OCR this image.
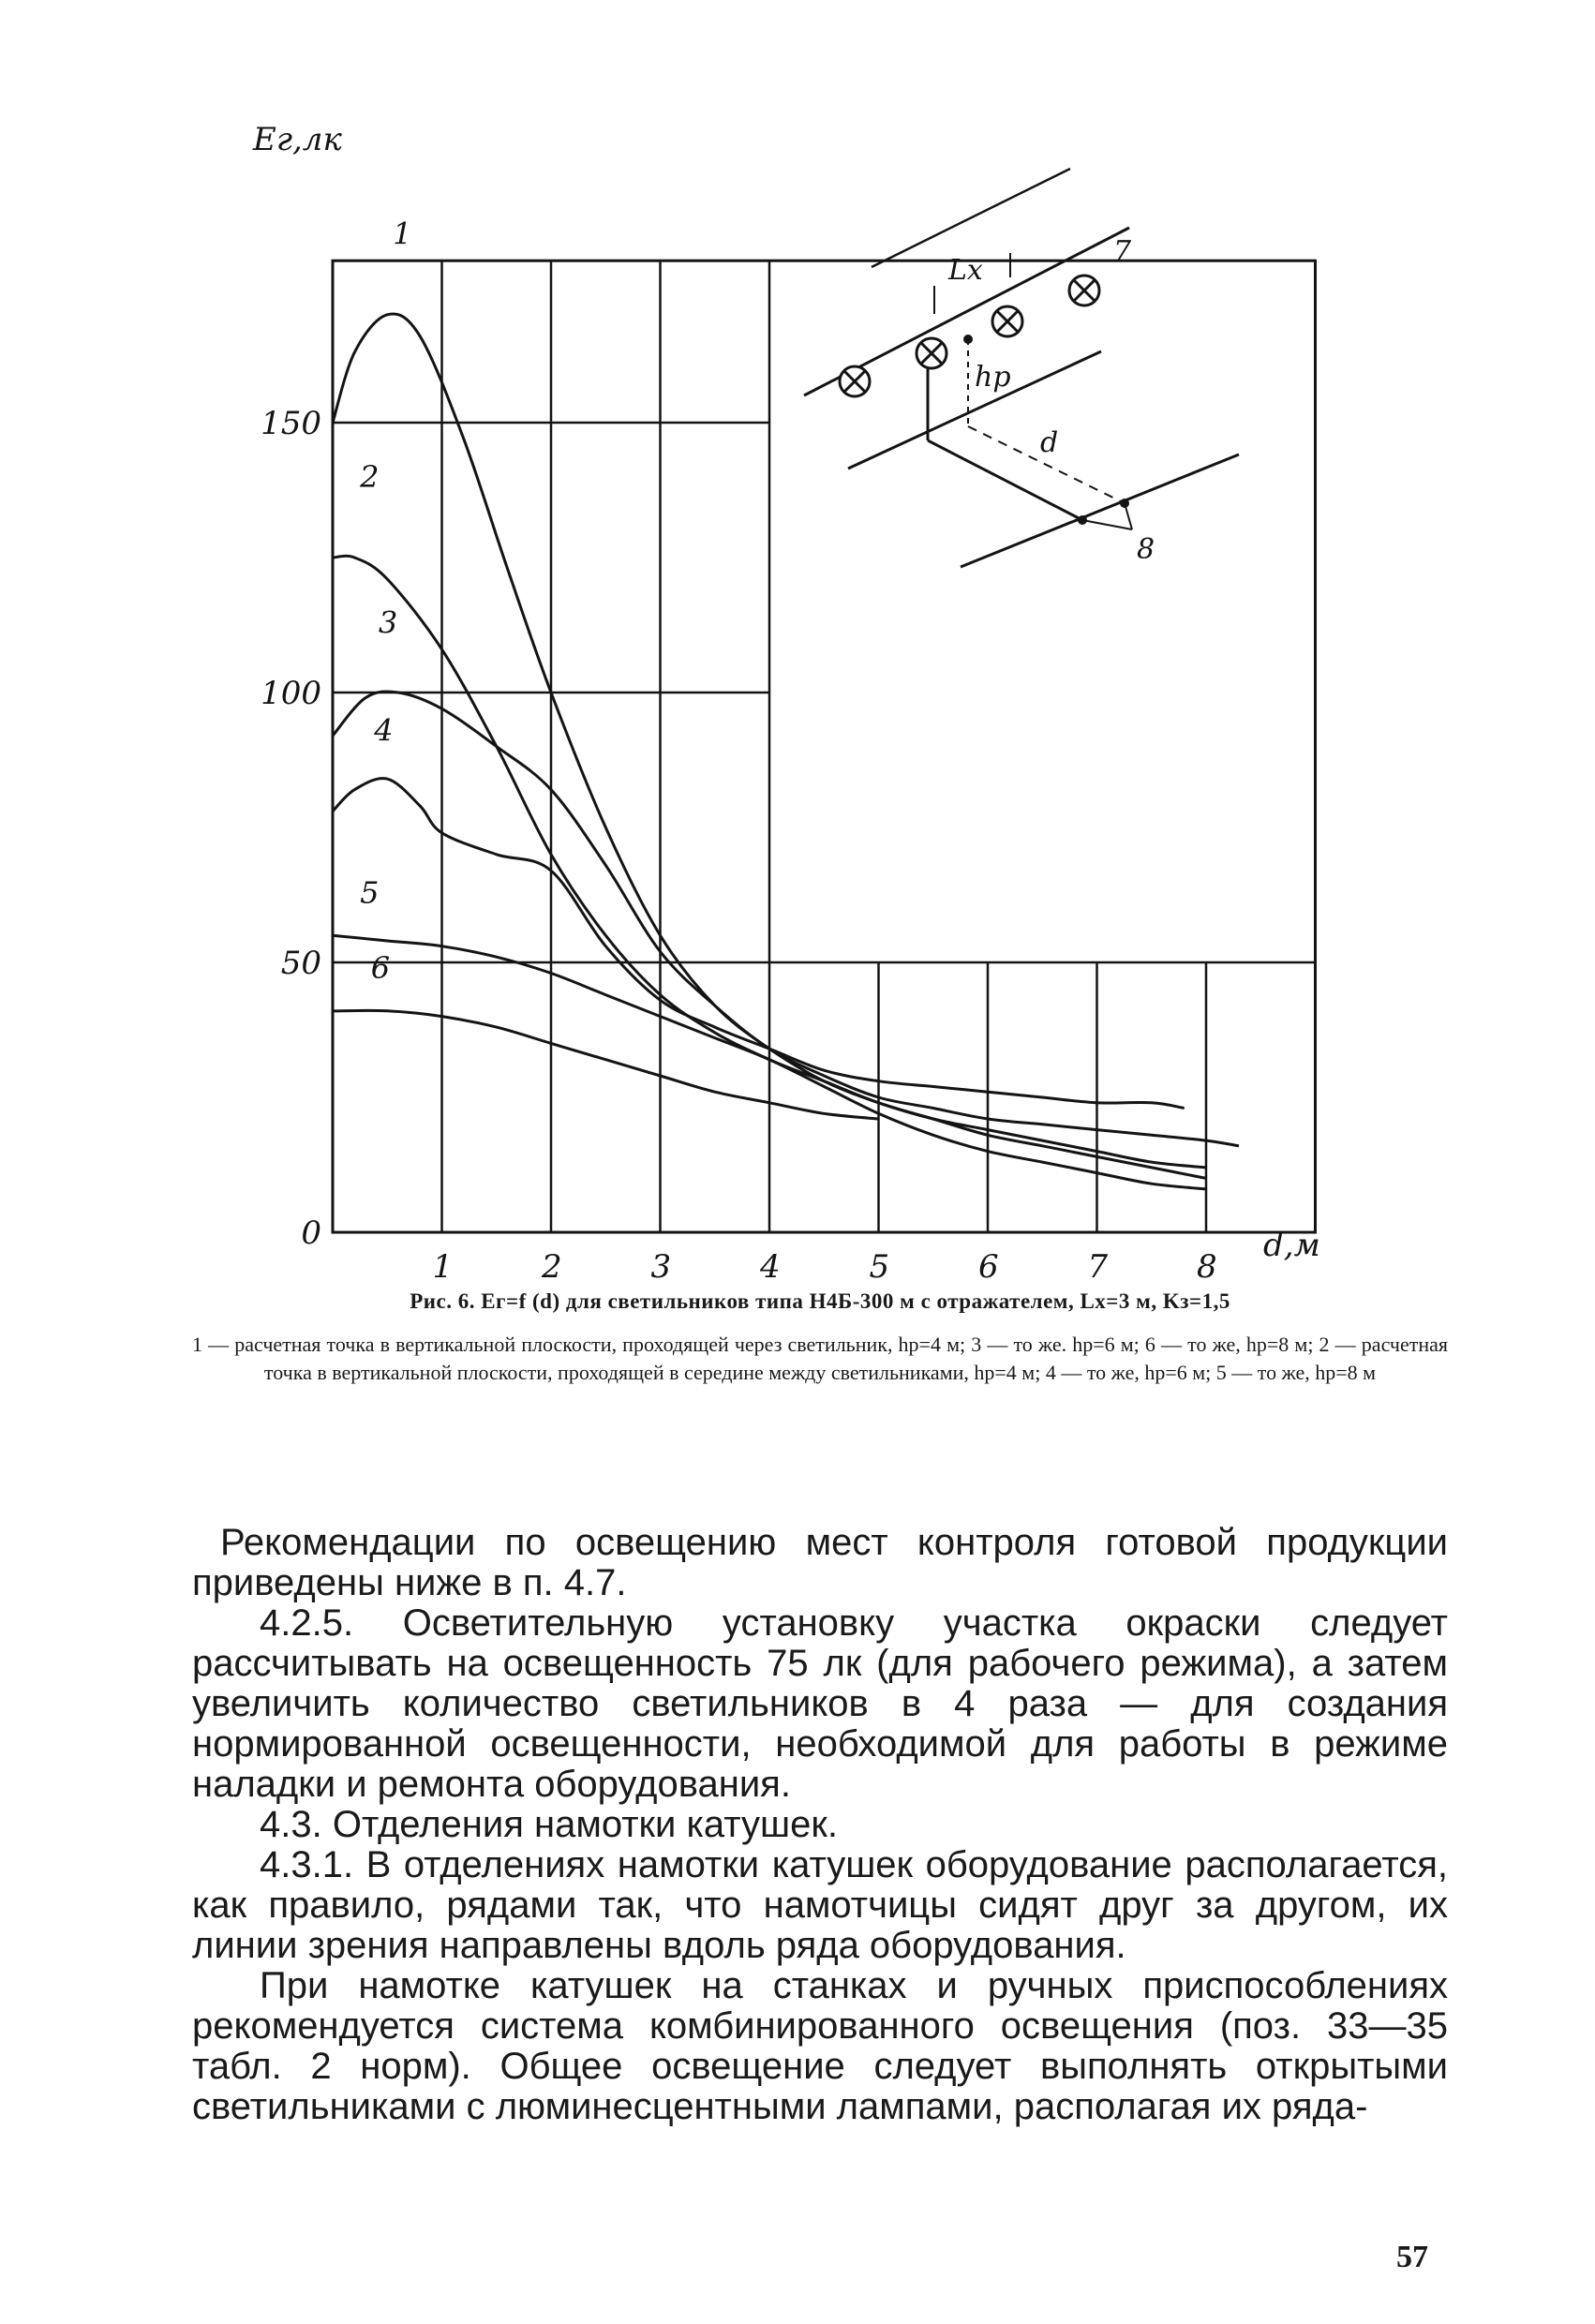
1
2
3
4
5
6
Lx
hp
d
8
7
Eг,лк
d,м
1	2	3	4	5	6	7	8
0
50
100
150
Рис. 6. Eг=f (d) для светильников типа Н4Б-300 м с отражателем, Lx=3 м, Kз=1,5
1 — расчетная точка в вертикальной плоскости, проходящей через светильник, hр=4 м; 3 — то же. hр=6 м; 6 — то же, hр=8 м; 2 — расчетная точка в вертикальной плоскости, проходящей в середине между светильниками, hр=4 м; 4 — то же, hр=6 м; 5 — то же, hр=8 м

Рекомендации по освещению мест контроля готовой продукции приведены ниже в п. 4.7.

4.2.5. Осветительную установку участка окраски следует рассчитывать на освещенность 75 лк (для рабочего режима), а затем увеличить количество светильников в 4 раза — для создания нормированной освещенности, необходимой для работы в режиме наладки и ремонта оборудования.

4.3. Отделения намотки катушек.

4.3.1. В отделениях намотки катушек оборудование располагается, как правило, рядами так, что намотчицы сидят друг за другом, их линии зрения направлены вдоль ряда оборудования.

При намотке катушек на станках и ручных приспособлениях рекомендуется система комбинированного освещения (поз. 33—35 табл. 2 норм). Общее освещение следует выполнять открытыми светильниками с люминесцентными лампами, располагая их ряда-

57
